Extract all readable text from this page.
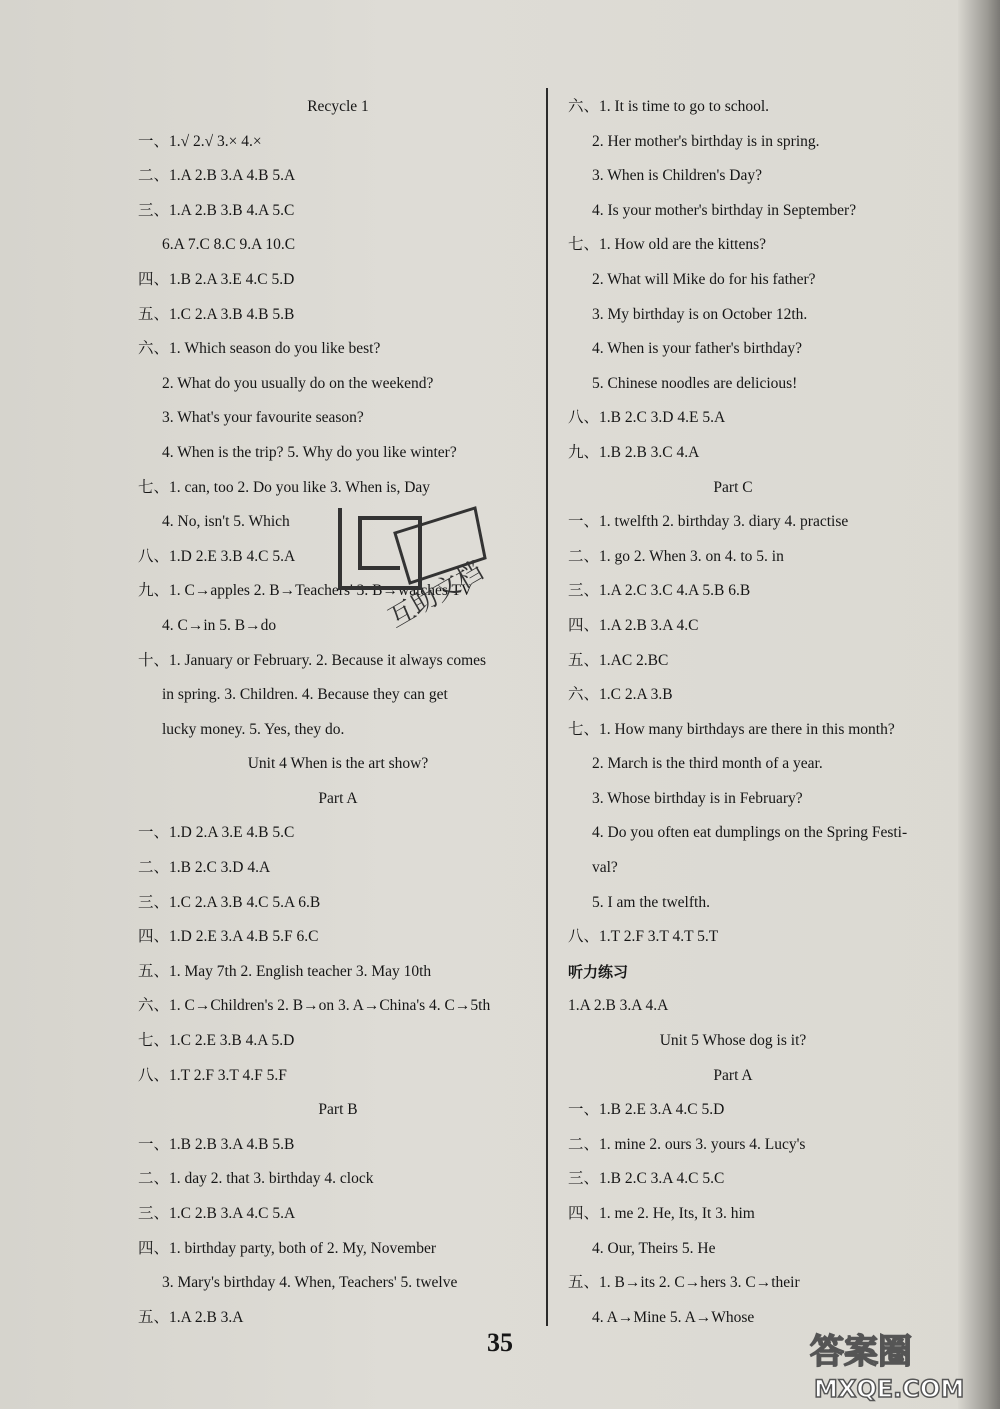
Recycle 1
一、1.√ 2.√ 3.× 4.×
二、1.A 2.B 3.A 4.B 5.A
三、1.A 2.B 3.B 4.A 5.C
6.A 7.C 8.C 9.A 10.C
四、1.B 2.A 3.E 4.C 5.D
五、1.C 2.A 3.B 4.B 5.B
六、1. Which season do you like best?
2. What do you usually do on the weekend?
3. What's your favourite season?
4. When is the trip? 5. Why do you like winter?
七、1. can, too 2. Do you like 3. When is, Day
4. No, isn't 5. Which
八、1.D 2.E 3.B 4.C 5.A
九、1. C→apples 2. B→Teachers' 3. B→watches TV
4. C→in 5. B→do
十、1. January or February. 2. Because it always comes
in spring. 3. Children. 4. Because they can get
lucky money. 5. Yes, they do.
Unit 4 When is the art show?
Part A
一、1.D 2.A 3.E 4.B 5.C
二、1.B 2.C 3.D 4.A
三、1.C 2.A 3.B 4.C 5.A 6.B
四、1.D 2.E 3.A 4.B 5.F 6.C
五、1. May 7th 2. English teacher 3. May 10th
六、1. C→Children's 2. B→on 3. A→China's 4. C→5th
七、1.C 2.E 3.B 4.A 5.D
八、1.T 2.F 3.T 4.F 5.F
Part B
一、1.B 2.B 3.A 4.B 5.B
二、1. day 2. that 3. birthday 4. clock
三、1.C 2.B 3.A 4.C 5.A
四、1. birthday party, both of 2. My, November
3. Mary's birthday 4. When, Teachers' 5. twelve
五、1.A 2.B 3.A
六、1. It is time to go to school.
2. Her mother's birthday is in spring.
3. When is Children's Day?
4. Is your mother's birthday in September?
七、1. How old are the kittens?
2. What will Mike do for his father?
3. My birthday is on October 12th.
4. When is your father's birthday?
5. Chinese noodles are delicious!
八、1.B 2.C 3.D 4.E 5.A
九、1.B 2.B 3.C 4.A
Part C
一、1. twelfth 2. birthday 3. diary 4. practise
二、1. go 2. When 3. on 4. to 5. in
三、1.A 2.C 3.C 4.A 5.B 6.B
四、1.A 2.B 3.A 4.C
五、1.AC 2.BC
六、1.C 2.A 3.B
七、1. How many birthdays are there in this month?
2. March is the third month of a year.
3. Whose birthday is in February?
4. Do you often eat dumplings on the Spring Festi-
val?
5. I am the twelfth.
八、1.T 2.F 3.T 4.T 5.T
听力练习
1.A 2.B 3.A 4.A
Unit 5 Whose dog is it?
Part A
一、1.B 2.E 3.A 4.C 5.D
二、1. mine 2. ours 3. yours 4. Lucy's
三、1.B 2.C 3.A 4.C 5.C
四、1. me 2. He, Its, It 3. him
4. Our, Theirs 5. He
五、1. B→its 2. C→hers 3. C→their
4. A→Mine 5. A→Whose
互助文档
35	答案圈
MXQE.COM
